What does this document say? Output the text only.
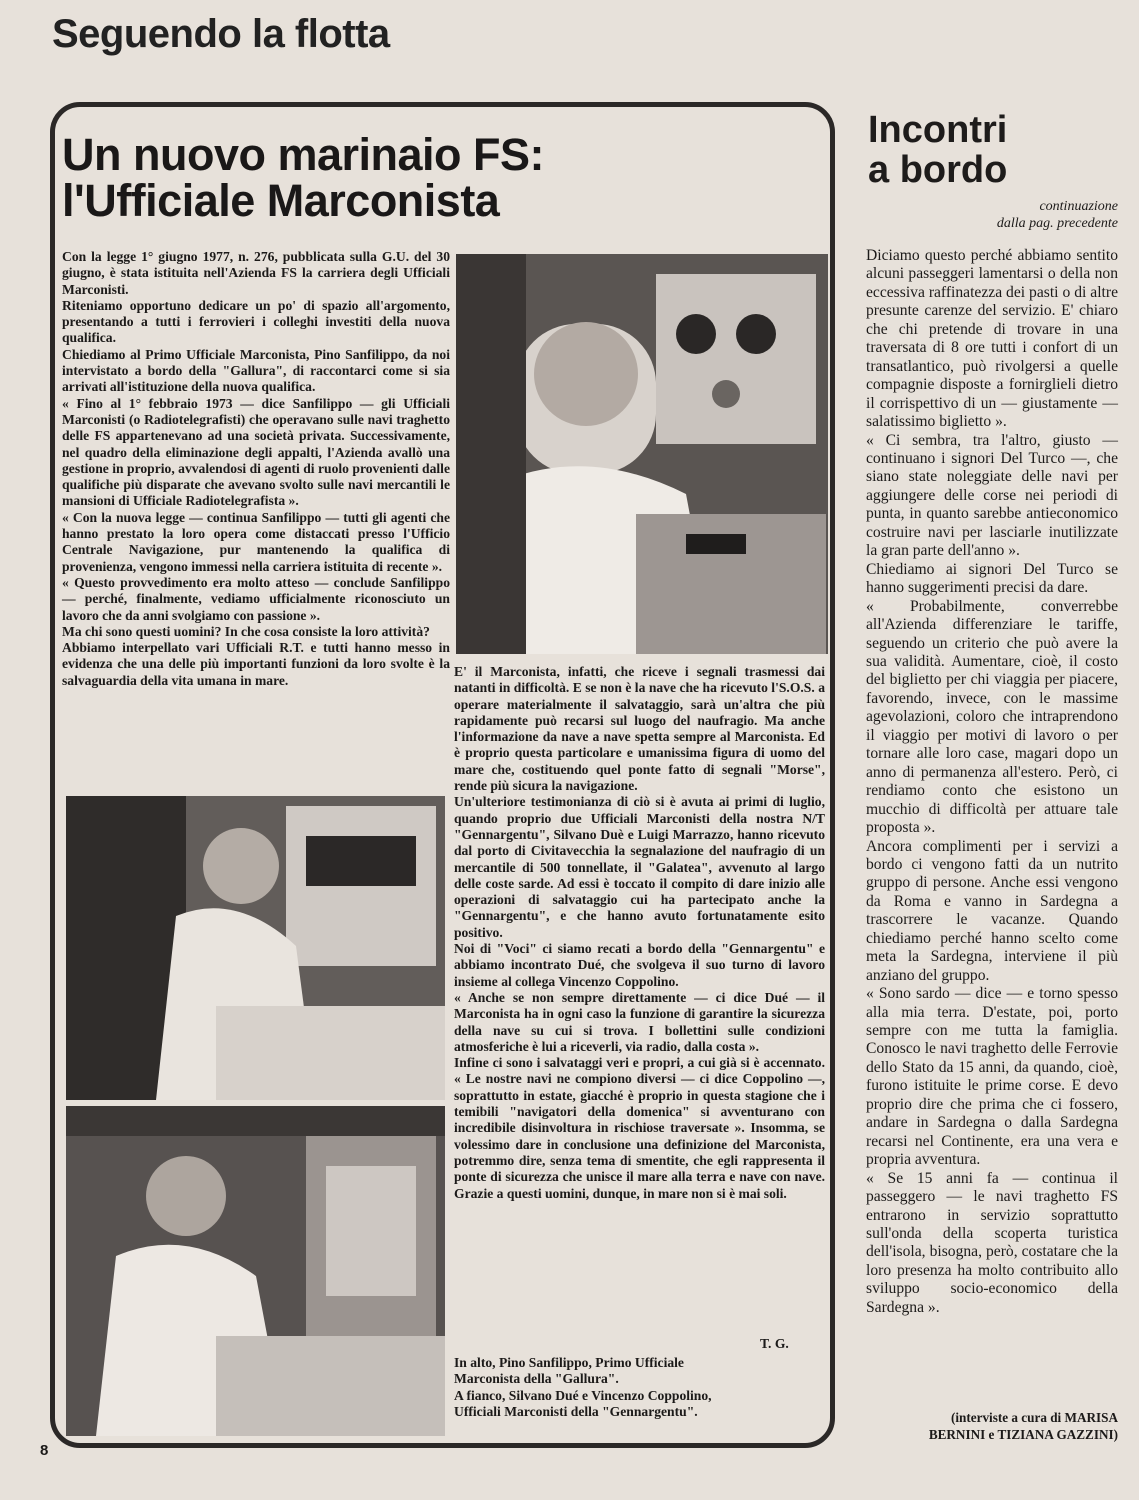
Seguendo la flotta
Un nuovo marinaio FS:
l'Ufficiale Marconista

Con la legge 1° giugno 1977, n. 276, pubblicata sulla G.U. del 30 giugno, è stata istituita nell'Azienda FS la carriera degli Ufficiali Marconisti.

Riteniamo opportuno dedicare un po' di spazio all'argomento, presentando a tutti i ferrovieri i colleghi investiti della nuova qualifica.

Chiediamo al Primo Ufficiale Marconista, Pino Sanfilippo, da noi intervistato a bordo della "Gallura", di raccontarci come si sia arrivati all'istituzione della nuova qualifica.

« Fino al 1° febbraio 1973 — dice Sanfilippo — gli Ufficiali Marconisti (o Radiotelegrafisti) che operavano sulle navi traghetto delle FS appartenevano ad una società privata. Successivamente, nel quadro della eliminazione degli appalti, l'Azienda avallò una gestione in proprio, avvalendosi di agenti di ruolo provenienti dalle qualifiche più disparate che avevano svolto sulle navi mercantili le mansioni di Ufficiale Radiotelegrafista ».

« Con la nuova legge — continua Sanfilippo — tutti gli agenti che hanno prestato la loro opera come distaccati presso l'Ufficio Centrale Navigazione, pur mantenendo la qualifica di provenienza, vengono immessi nella carriera istituita di recente ».

« Questo provvedimento era molto atteso — conclude Sanfilippo — perché, finalmente, vediamo ufficialmente riconosciuto un lavoro che da anni svolgiamo con passione ».

Ma chi sono questi uomini? In che cosa consiste la loro attività?

Abbiamo interpellato vari Ufficiali R.T. e tutti hanno messo in evidenza che una delle più importanti funzioni da loro svolte è la salvaguardia della vita umana in mare.

E' il Marconista, infatti, che riceve i segnali trasmessi dai natanti in difficoltà. E se non è la nave che ha ricevuto l'S.O.S. a operare materialmente il salvataggio, sarà un'altra che più rapidamente può recarsi sul luogo del naufragio. Ma anche l'informazione da nave a nave spetta sempre al Marconista. Ed è proprio questa particolare e umanissima figura di uomo del mare che, costituendo quel ponte fatto di segnali "Morse", rende più sicura la navigazione.

Un'ulteriore testimonianza di ciò si è avuta ai primi di luglio, quando proprio due Ufficiali Marconisti della nostra N/T "Gennargentu", Silvano Duè e Luigi Marrazzo, hanno ricevuto dal porto di Civitavecchia la segnalazione del naufragio di un mercantile di 500 tonnellate, il "Galatea", avvenuto al largo delle coste sarde. Ad essi è toccato il compito di dare inizio alle operazioni di salvataggio cui ha partecipato anche la "Gennargentu", e che hanno avuto fortunatamente esito positivo.

Noi di "Voci" ci siamo recati a bordo della "Gennargentu" e abbiamo incontrato Dué, che svolgeva il suo turno di lavoro insieme al collega Vincenzo Coppolino.

« Anche se non sempre direttamente — ci dice Dué — il Marconista ha in ogni caso la funzione di garantire la sicurezza della nave su cui si trova. I bollettini sulle condizioni atmosferiche è lui a riceverli, via radio, dalla costa ».

Infine ci sono i salvataggi veri e propri, a cui già si è accennato. « Le nostre navi ne compiono diversi — ci dice Coppolino —, soprattutto in estate, giacché è proprio in questa stagione che i temibili "navigatori della domenica" si avventurano con incredibile disinvoltura in rischiose traversate ». Insomma, se volessimo dare in conclusione una definizione del Marconista, potremmo dire, senza tema di smentite, che egli rappresenta il ponte di sicurezza che unisce il mare alla terra e nave con nave. Grazie a questi uomini, dunque, in mare non si è mai soli.

T. G.
In alto, Pino Sanfilippo, Primo Ufficiale
Marconista della "Gallura".
A fianco, Silvano Dué e Vincenzo Coppolino,
Ufficiali Marconisti della "Gennargentu".
Incontri
a bordo
continuazione
dalla pag. precedente

Diciamo questo perché abbiamo sentito alcuni passeggeri lamentarsi o della non eccessiva raffinatezza dei pasti o di altre presunte carenze del servizio. E' chiaro che chi pretende di trovare in una traversata di 8 ore tutti i confort di un transatlantico, può rivolgersi a quelle compagnie disposte a fornirglieli dietro il corrispettivo di un — giustamente — salatissimo biglietto ».

« Ci sembra, tra l'altro, giusto — continuano i signori Del Turco —, che siano state noleggiate delle navi per aggiungere delle corse nei periodi di punta, in quanto sarebbe antieconomico costruire navi per lasciarle inutilizzate la gran parte dell'anno ».

Chiediamo ai signori Del Turco se hanno suggerimenti precisi da dare.

« Probabilmente, converrebbe all'Azienda differenziare le tariffe, seguendo un criterio che può avere la sua validità. Aumentare, cioè, il costo del biglietto per chi viaggia per piacere, favorendo, invece, con le massime agevolazioni, coloro che intraprendono il viaggio per motivi di lavoro o per tornare alle loro case, magari dopo un anno di permanenza all'estero. Però, ci rendiamo conto che esistono un mucchio di difficoltà per attuare tale proposta ».

Ancora complimenti per i servizi a bordo ci vengono fatti da un nutrito gruppo di persone. Anche essi vengono da Roma e vanno in Sardegna a trascorrere le vacanze. Quando chiediamo perché hanno scelto come meta la Sardegna, interviene il più anziano del gruppo.

« Sono sardo — dice — e torno spesso alla mia terra. D'estate, poi, porto sempre con me tutta la famiglia. Conosco le navi traghetto delle Ferrovie dello Stato da 15 anni, da quando, cioè, furono istituite le prime corse. E devo proprio dire che prima che ci fossero, andare in Sardegna o dalla Sardegna recarsi nel Continente, era una vera e propria avventura.

« Se 15 anni fa — continua il passeggero — le navi traghetto FS entrarono in servizio soprattutto sull'onda della scoperta turistica dell'isola, bisogna, però, costatare che la loro presenza ha molto contribuito allo sviluppo socio-economico della Sardegna ».

(interviste a cura di MARISA
BERNINI e TIZIANA GAZZINI)
8
